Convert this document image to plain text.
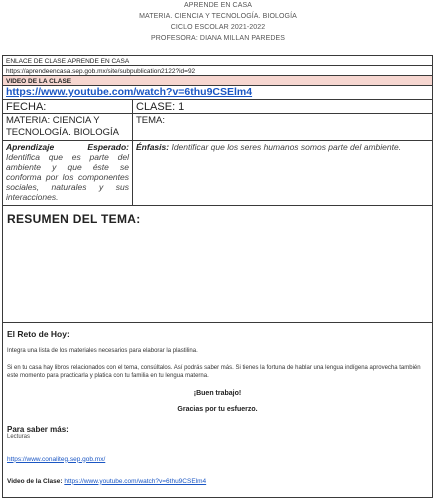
APRENDE EN CASA
MATERIA. CIENCIA Y TECNOLOGÍA. BIOLOGÍA
CICLO ESCOLAR 2021-2022
PROFESORA: DIANA MILLAN PAREDES
ENLACE DE CLASE APRENDE EN CASA
https://aprendeencasa.sep.gob.mx/site/subpublication2122?id=92
VIDEO DE LA CLASE
https://www.youtube.com/watch?v=6thu9CSElm4
FECHA:	CLASE: 1
MATERIA: CIENCIA Y TECNOLOGÍA. BIOLOGÍA
TEMA:
Aprendizaje Esperado: Identifica que es parte del ambiente y que éste se conforma por los componentes sociales, naturales y sus interacciones.
Énfasis: Identificar que los seres humanos somos parte del ambiente.
RESUMEN DEL TEMA:
El Reto de Hoy:
Integra una lista de los materiales necesarios para elaborar la plastilina.
Si en tu casa hay libros relacionados con el tema, consúltalos. Así podrás saber más. Si tienes la fortuna de hablar una lengua indígena aprovecha también este momento para practicarla y platica con tu familia en tu lengua materna.
¡Buen trabajo!
Gracias por tu esfuerzo.
Para saber más:
Lecturas
https://www.conaliteg.sep.gob.mx/
Video de la Clase: https://www.youtube.com/watch?v=6thu9CSElm4
